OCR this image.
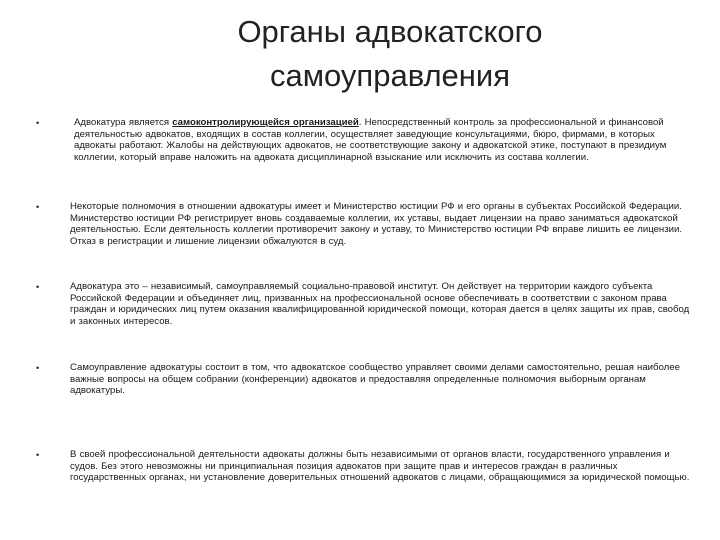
Органы адвокатского
самоуправления
•	Адвокатура является самоконтролирующейся организацией. Непосредственный контроль за профессиональной и финансовой деятельностью адвокатов, входящих в состав коллегии, осуществляет заведующие консультациями, бюро, фирмами, в которых адвокаты работают. Жалобы на действующих адвокатов, не соответствующие закону и адвокатской этике, поступают в президиум коллегии, который вправе наложить на адвоката дисциплинарной взыскание или исключить из состава коллегии.
•	Некоторые полномочия в отношении адвокатуры имеет и Министерство юстиции РФ и его органы в субъектах Российской Федерации. Министерство юстиции РФ регистрирует вновь создаваемые коллегии, их уставы, выдает лицензии на право заниматься адвокатской деятельностью. Если деятельность коллегии противоречит закону и уставу, то Министерство юстиции РФ вправе лишить ее лицензии. Отказ в регистрации и лишение лицензии обжалуются в суд.
•	Адвокатура это – независимый, самоуправляемый социально-правовой институт. Он действует на территории каждого субъекта Российской Федерации и объединяет лиц, призванных на профессиональной основе обеспечивать в соответствии с законом права граждан и юридических лиц путем оказания квалифицированной юридической помощи, которая дается в целях защиты их прав, свобод и законных интересов.
•	Самоуправление адвокатуры состоит в том, что адвокатское сообщество управляет своими делами самостоятельно, решая наиболее важные вопросы на общем собрании (конференции) адвокатов и предоставляя определенные полномочия выборным органам адвокатуры.
•	В своей профессиональной деятельности адвокаты должны быть независимыми от органов власти, государственного управления и судов. Без этого невозможны ни принципиальная позиция адвокатов при защите прав и интересов граждан в различных государственных органах, ни установление доверительных отношений адвокатов с лицами, обращающимися за юридической помощью.
